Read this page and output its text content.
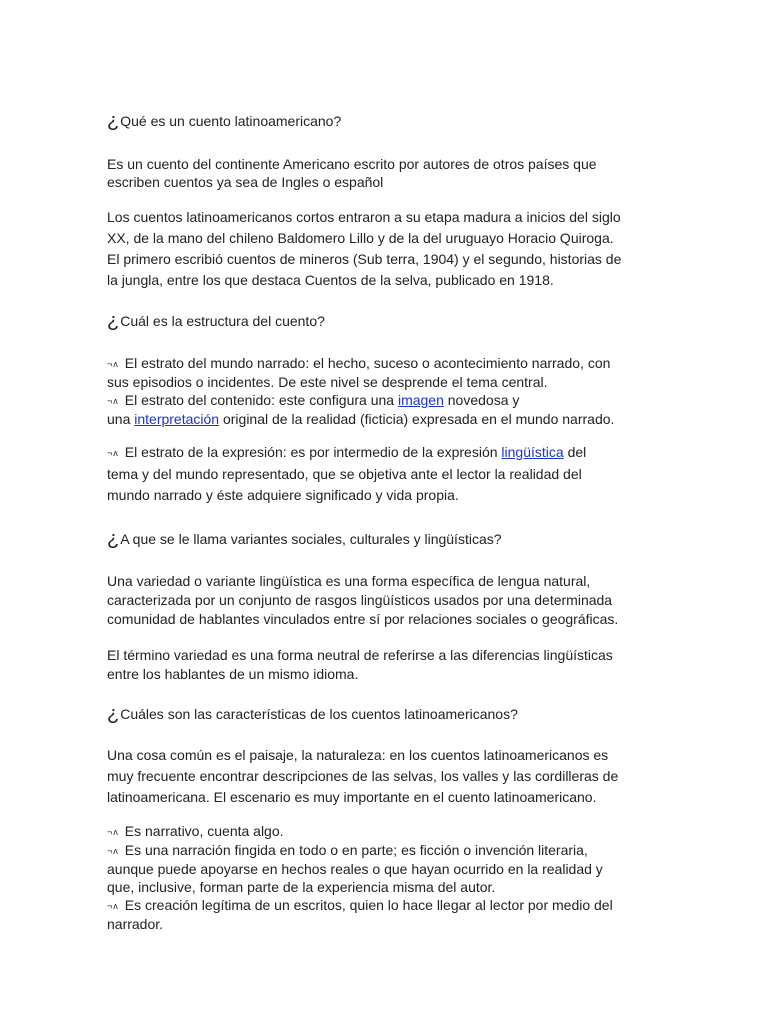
¿Qué es un cuento latinoamericano?

Es un cuento del continente Americano escrito por autores de otros países que
escriben cuentos ya sea de Ingles o español

Los cuentos latinoamericanos cortos entraron a su etapa madura a inicios del siglo
XX, de la mano del chileno Baldomero Lillo y de la del uruguayo Horacio Quiroga.
El primero escribió cuentos de mineros (Sub terra, 1904) y el segundo, historias de
la jungla, entre los que destaca Cuentos de la selva, publicado en 1918.

¿Cuál es la estructura del cuento?

¬ʌ El estrato del mundo narrado: el hecho, suceso o acontecimiento narrado, con
sus episodios o incidentes. De este nivel se desprende el tema central.
¬ʌ El estrato del contenido: este configura una imagen novedosa y
una interpretación original de la realidad (ficticia) expresada en el mundo narrado.

¬ʌ El estrato de la expresión: es por intermedio de la expresión lingüística del
tema y del mundo representado, que se objetiva ante el lector la realidad del
mundo narrado y éste adquiere significado y vida propia.

¿A que se le llama variantes sociales, culturales y lingüísticas?

Una variedad o variante lingüística es una forma específica de lengua natural,
caracterizada por un conjunto de rasgos lingüísticos usados por una determinada
comunidad de hablantes vinculados entre sí por relaciones sociales o geográficas.

El término variedad es una forma neutral de referirse a las diferencias lingüísticas
entre los hablantes de un mismo idioma.

¿Cuáles son las características de los cuentos latinoamericanos?

Una cosa común es el paisaje, la naturaleza: en los cuentos latinoamericanos es
muy frecuente encontrar descripciones de las selvas, los valles y las cordilleras de
latinoamericana. El escenario es muy importante en el cuento latinoamericano.

¬ʌ Es narrativo, cuenta algo.
¬ʌ Es una narración fingida en todo o en parte; es ficción o invención literaria,
aunque puede apoyarse en hechos reales o que hayan ocurrido en la realidad y
que, inclusive, forman parte de la experiencia misma del autor.
¬ʌ Es creación legítima de un escritos, quien lo hace llegar al lector por medio del
narrador.
